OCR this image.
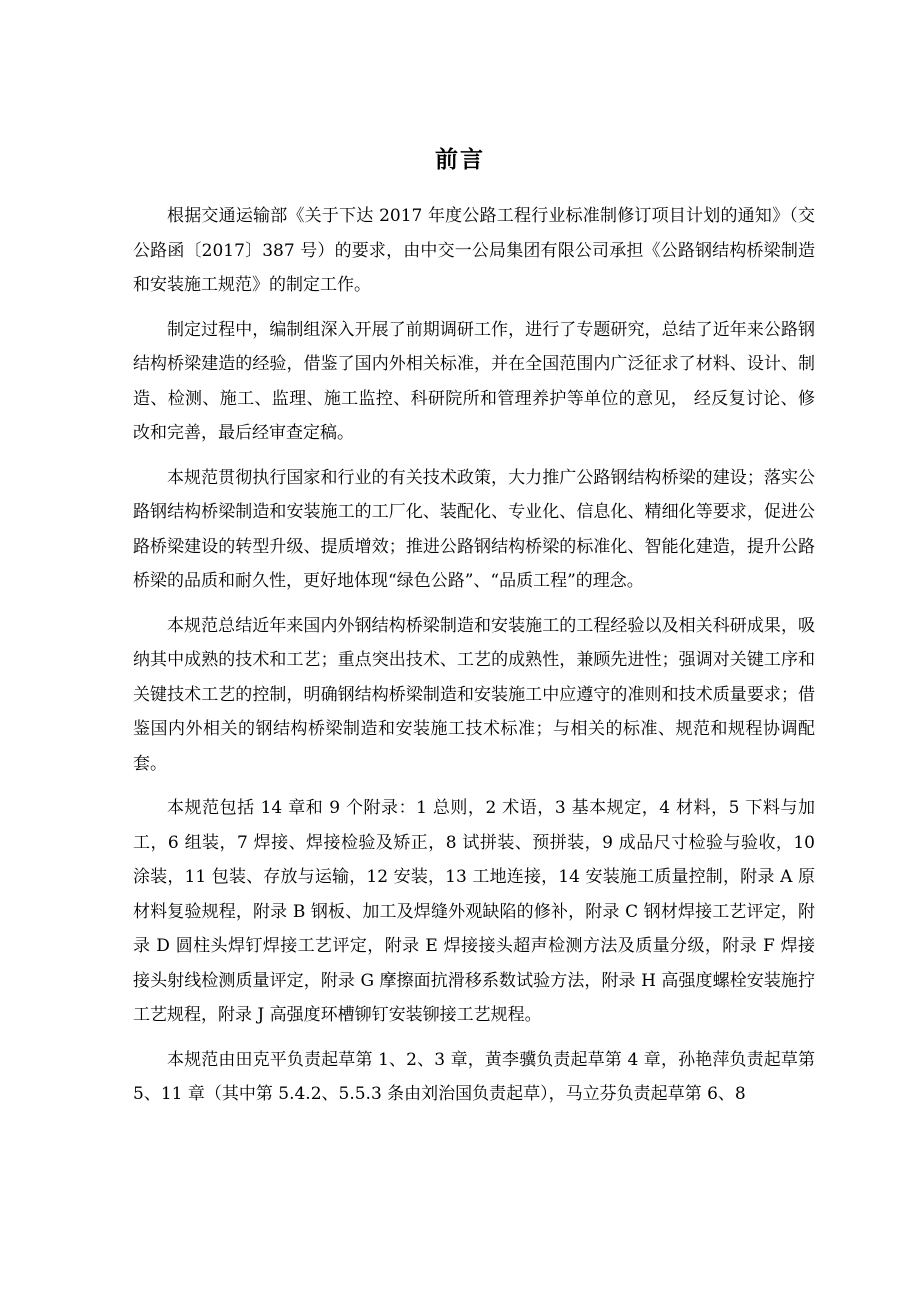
前言

根据交通运输部《关于下达 2017 年度公路工程行业标准制修订项目计划的通知》（交公路函〔2017〕387 号）的要求，由中交一公局集团有限公司承担《公路钢结构桥梁制造和安装施工规范》的制定工作。

制定过程中，编制组深入开展了前期调研工作，进行了专题研究，总结了近年来公路钢结构桥梁建造的经验，借鉴了国内外相关标准，并在全国范围内广泛征求了材料、设计、制造、检测、施工、监理、施工监控、科研院所和管理养护等单位的意见， 经反复讨论、修改和完善，最后经审查定稿。

本规范贯彻执行国家和行业的有关技术政策，大力推广公路钢结构桥梁的建设；落实公路钢结构桥梁制造和安装施工的工厂化、装配化、专业化、信息化、精细化等要求，促进公路桥梁建设的转型升级、提质增效；推进公路钢结构桥梁的标准化、智能化建造，提升公路桥梁的品质和耐久性，更好地体现“绿色公路”、“品质工程”的理念。

本规范总结近年来国内外钢结构桥梁制造和安装施工的工程经验以及相关科研成果，吸纳其中成熟的技术和工艺；重点突出技术、工艺的成熟性，兼顾先进性；强调对关键工序和关键技术工艺的控制，明确钢结构桥梁制造和安装施工中应遵守的准则和技术质量要求；借鉴国内外相关的钢结构桥梁制造和安装施工技术标准；与相关的标准、规范和规程协调配套。

本规范包括 14 章和 9 个附录：1 总则，2 术语，3 基本规定，4 材料，5 下料与加工，6 组装，7 焊接、焊接检验及矫正，8 试拼装、预拼装，9 成品尺寸检验与验收，10 涂装，11 包装、存放与运输，12 安装，13 工地连接，14 安装施工质量控制，附录 A 原材料复验规程，附录 B 钢板、加工及焊缝外观缺陷的修补，附录 C 钢材焊接工艺评定，附录 D 圆柱头焊钉焊接工艺评定，附录 E 焊接接头超声检测方法及质量分级，附录 F 焊接接头射线检测质量评定，附录 G 摩擦面抗滑移系数试验方法，附录 H 高强度螺栓安装施拧工艺规程，附录 J 高强度环槽铆钉安装铆接工艺规程。

本规范由田克平负责起草第 1、2、3 章，黄李骥负责起草第 4 章，孙艳萍负责起草第 5、11 章（其中第 5.4.2、5.5.3 条由刘治国负责起草），马立芬负责起草第 6、8
